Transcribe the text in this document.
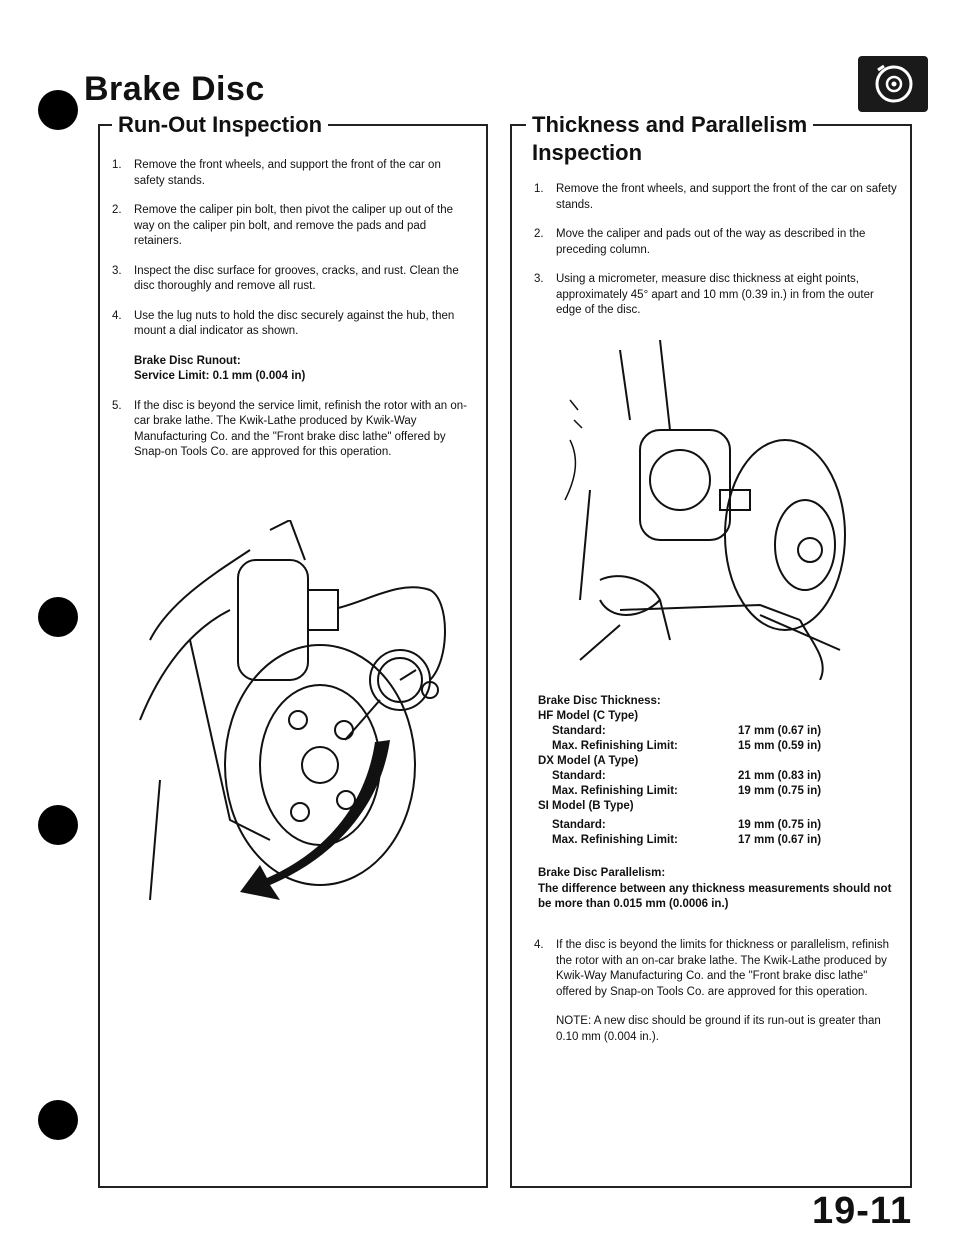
Brake Disc
Run-Out Inspection
1.	Remove the front wheels, and support the front of the car on safety stands.
2.	Remove the caliper pin bolt, then pivot the caliper up out of the way on the caliper pin bolt, and remove the pads and pad retainers.
3.	Inspect the disc surface for grooves, cracks, and rust. Clean the disc thoroughly and remove all rust.
4.	Use the lug nuts to hold the disc securely against the hub, then mount a dial indicator as shown.
Brake Disc Runout:
Service Limit: 0.1 mm (0.004 in)
5.	If the disc is beyond the service limit, refinish the rotor with an on-car brake lathe. The Kwik-Lathe produced by Kwik-Way Manufacturing Co. and the "Front brake disc lathe" offered by Snap-on Tools Co. are approved for this operation.
Thickness and Parallelism
Inspection
1.	Remove the front wheels, and support the front of the car on safety stands.
2.	Move the caliper and pads out of the way as described in the preceding column.
3.	Using a micrometer, measure disc thickness at eight points, approximately 45° apart and 10 mm (0.39 in.) in from the outer edge of the disc.
Brake Disc Thickness:
HF Model (C Type)
Standard:	17 mm (0.67 in)
Max. Refinishing Limit:	15 mm (0.59 in)
DX Model (A Type)
Standard:	21 mm (0.83 in)
Max. Refinishing Limit:	19 mm (0.75 in)
SI Model (B Type)
Standard:	19 mm (0.75 in)
Max. Refinishing Limit:	17 mm (0.67 in)
Brake Disc Parallelism:
The difference between any thickness measurements should not be more than 0.015 mm (0.0006 in.)
4.	If the disc is beyond the limits for thickness or parallelism, refinish the rotor with an on-car brake lathe. The Kwik-Lathe produced by Kwik-Way Manufacturing Co. and the "Front brake disc lathe" offered by Snap-on Tools Co. are approved for this operation.
NOTE: A new disc should be ground if its run-out is greater than 0.10 mm (0.004 in.).
19-11
